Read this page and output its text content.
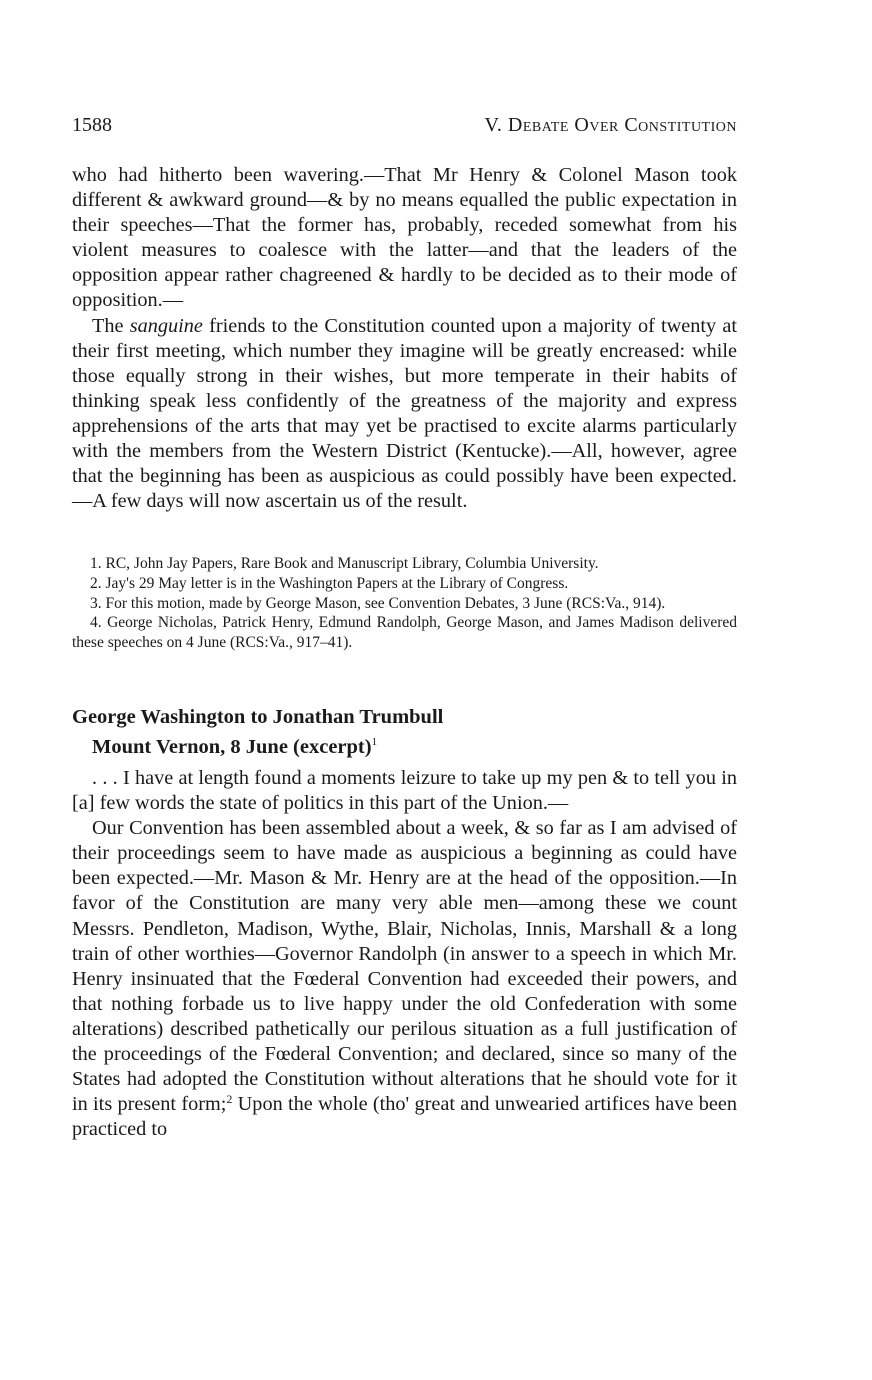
1588	V. Debate Over Constitution

who had hitherto been wavering.—That Mr Henry & Colonel Mason took different & awkward ground—& by no means equalled the public expectation in their speeches—That the former has, probably, receded somewhat from his violent measures to coalesce with the latter—and that the leaders of the opposition appear rather chagreened & hardly to be decided as to their mode of opposition.—

The sanguine friends to the Constitution counted upon a majority of twenty at their first meeting, which number they imagine will be greatly encreased: while those equally strong in their wishes, but more temperate in their habits of thinking speak less confidently of the greatness of the majority and express apprehensions of the arts that may yet be practised to excite alarms particularly with the members from the Western District (Kentucke).—All, however, agree that the beginning has been as auspicious as could possibly have been expected.—A few days will now ascertain us of the result.

1. RC, John Jay Papers, Rare Book and Manuscript Library, Columbia University.

2. Jay's 29 May letter is in the Washington Papers at the Library of Congress.

3. For this motion, made by George Mason, see Convention Debates, 3 June (RCS:Va., 914).

4. George Nicholas, Patrick Henry, Edmund Randolph, George Mason, and James Madison delivered these speeches on 4 June (RCS:Va., 917–41).

George Washington to Jonathan Trumbull
Mount Vernon, 8 June (excerpt)$^1$

. . . I have at length found a moments leizure to take up my pen & to tell you in [a] few words the state of politics in this part of the Union.—

Our Convention has been assembled about a week, & so far as I am advised of their proceedings seem to have made as auspicious a beginning as could have been expected.—Mr. Mason & Mr. Henry are at the head of the opposition.—In favor of the Constitution are many very able men—among these we count Messrs. Pendleton, Madison, Wythe, Blair, Nicholas, Innis, Marshall & a long train of other worthies—Governor Randolph (in answer to a speech in which Mr. Henry insinuated that the Fœderal Convention had exceeded their powers, and that nothing forbade us to live happy under the old Confederation with some alterations) described pathetically our perilous situation as a full justification of the proceedings of the Fœderal Convention; and declared, since so many of the States had adopted the Constitution without alterations that he should vote for it in its present form;$^2$ Upon the whole (tho' great and unwearied artifices have been practiced to
